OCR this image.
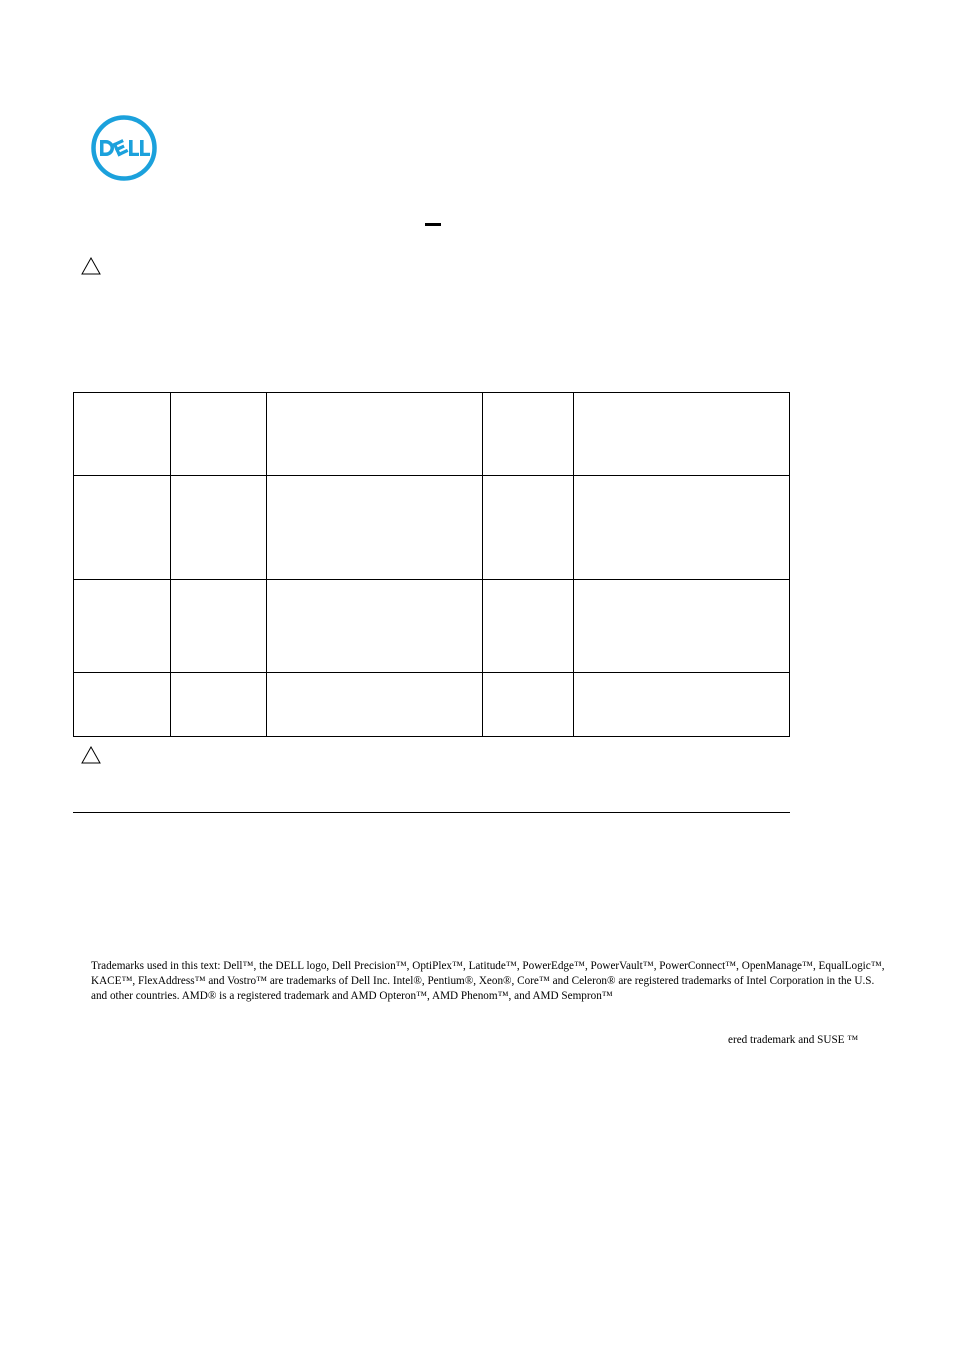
Trademarks used in this text: Dell™, the DELL logo, Dell Precision™, OptiPlex™, Latitude™, PowerEdge™, PowerVault™, PowerConnect™, OpenManage™, EqualLogic™, KACE™, FlexAddress™ and Vostro™ are trademarks of Dell Inc. Intel®, Pentium®, Xeon®, Core™ and Celeron® are registered trademarks of Intel Corporation in the U.S. and other countries. AMD® is a registered trademark and AMD Opteron™, AMD Phenom™, and AMD Sempron™

ered trademark and SUSE ™
